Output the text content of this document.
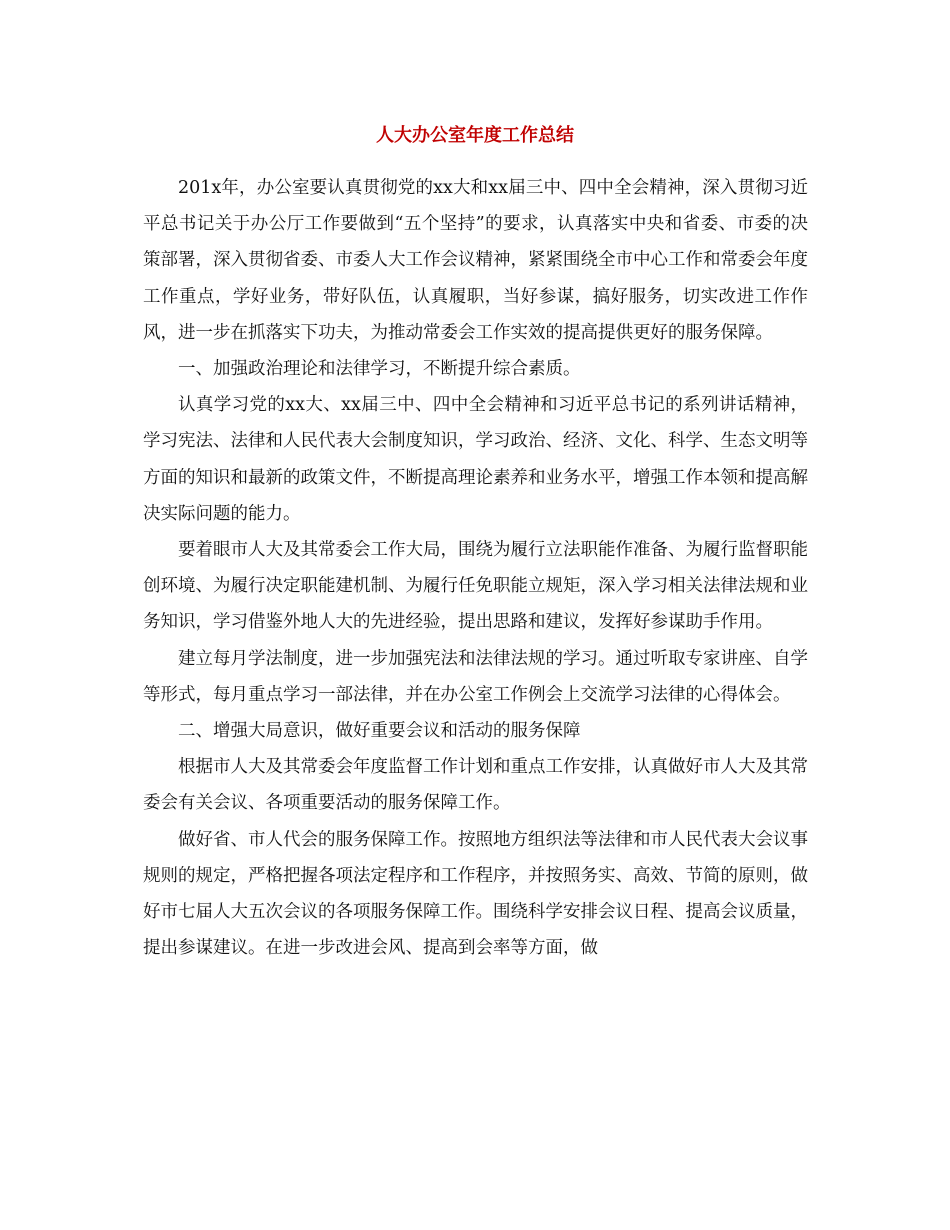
人大办公室年度工作总结

201x年，办公室要认真贯彻党的xx大和xx届三中、四中全会精神，深入贯彻习近平总书记关于办公厅工作要做到“五个坚持”的要求，认真落实中央和省委、市委的决策部署，深入贯彻省委、市委人大工作会议精神，紧紧围绕全市中心工作和常委会年度工作重点，学好业务，带好队伍，认真履职，当好参谋，搞好服务，切实改进工作作风，进一步在抓落实下功夫，为推动常委会工作实效的提高提供更好的服务保障。

一、加强政治理论和法律学习，不断提升综合素质。

认真学习党的xx大、xx届三中、四中全会精神和习近平总书记的系列讲话精神，学习宪法、法律和人民代表大会制度知识，学习政治、经济、文化、科学、生态文明等方面的知识和最新的政策文件，不断提高理论素养和业务水平，增强工作本领和提高解决实际问题的能力。

要着眼市人大及其常委会工作大局，围绕为履行立法职能作准备、为履行监督职能创环境、为履行决定职能建机制、为履行任免职能立规矩，深入学习相关法律法规和业务知识，学习借鉴外地人大的先进经验，提出思路和建议，发挥好参谋助手作用。

建立每月学法制度，进一步加强宪法和法律法规的学习。通过听取专家讲座、自学等形式，每月重点学习一部法律，并在办公室工作例会上交流学习法律的心得体会。

二、增强大局意识，做好重要会议和活动的服务保障

根据市人大及其常委会年度监督工作计划和重点工作安排，认真做好市人大及其常委会有关会议、各项重要活动的服务保障工作。

做好省、市人代会的服务保障工作。按照地方组织法等法律和市人民代表大会议事规则的规定，严格把握各项法定程序和工作程序，并按照务实、高效、节简的原则，做好市七届人大五次会议的各项服务保障工作。围绕科学安排会议日程、提高会议质量，提出参谋建议。在进一步改进会风、提高到会率等方面，做
